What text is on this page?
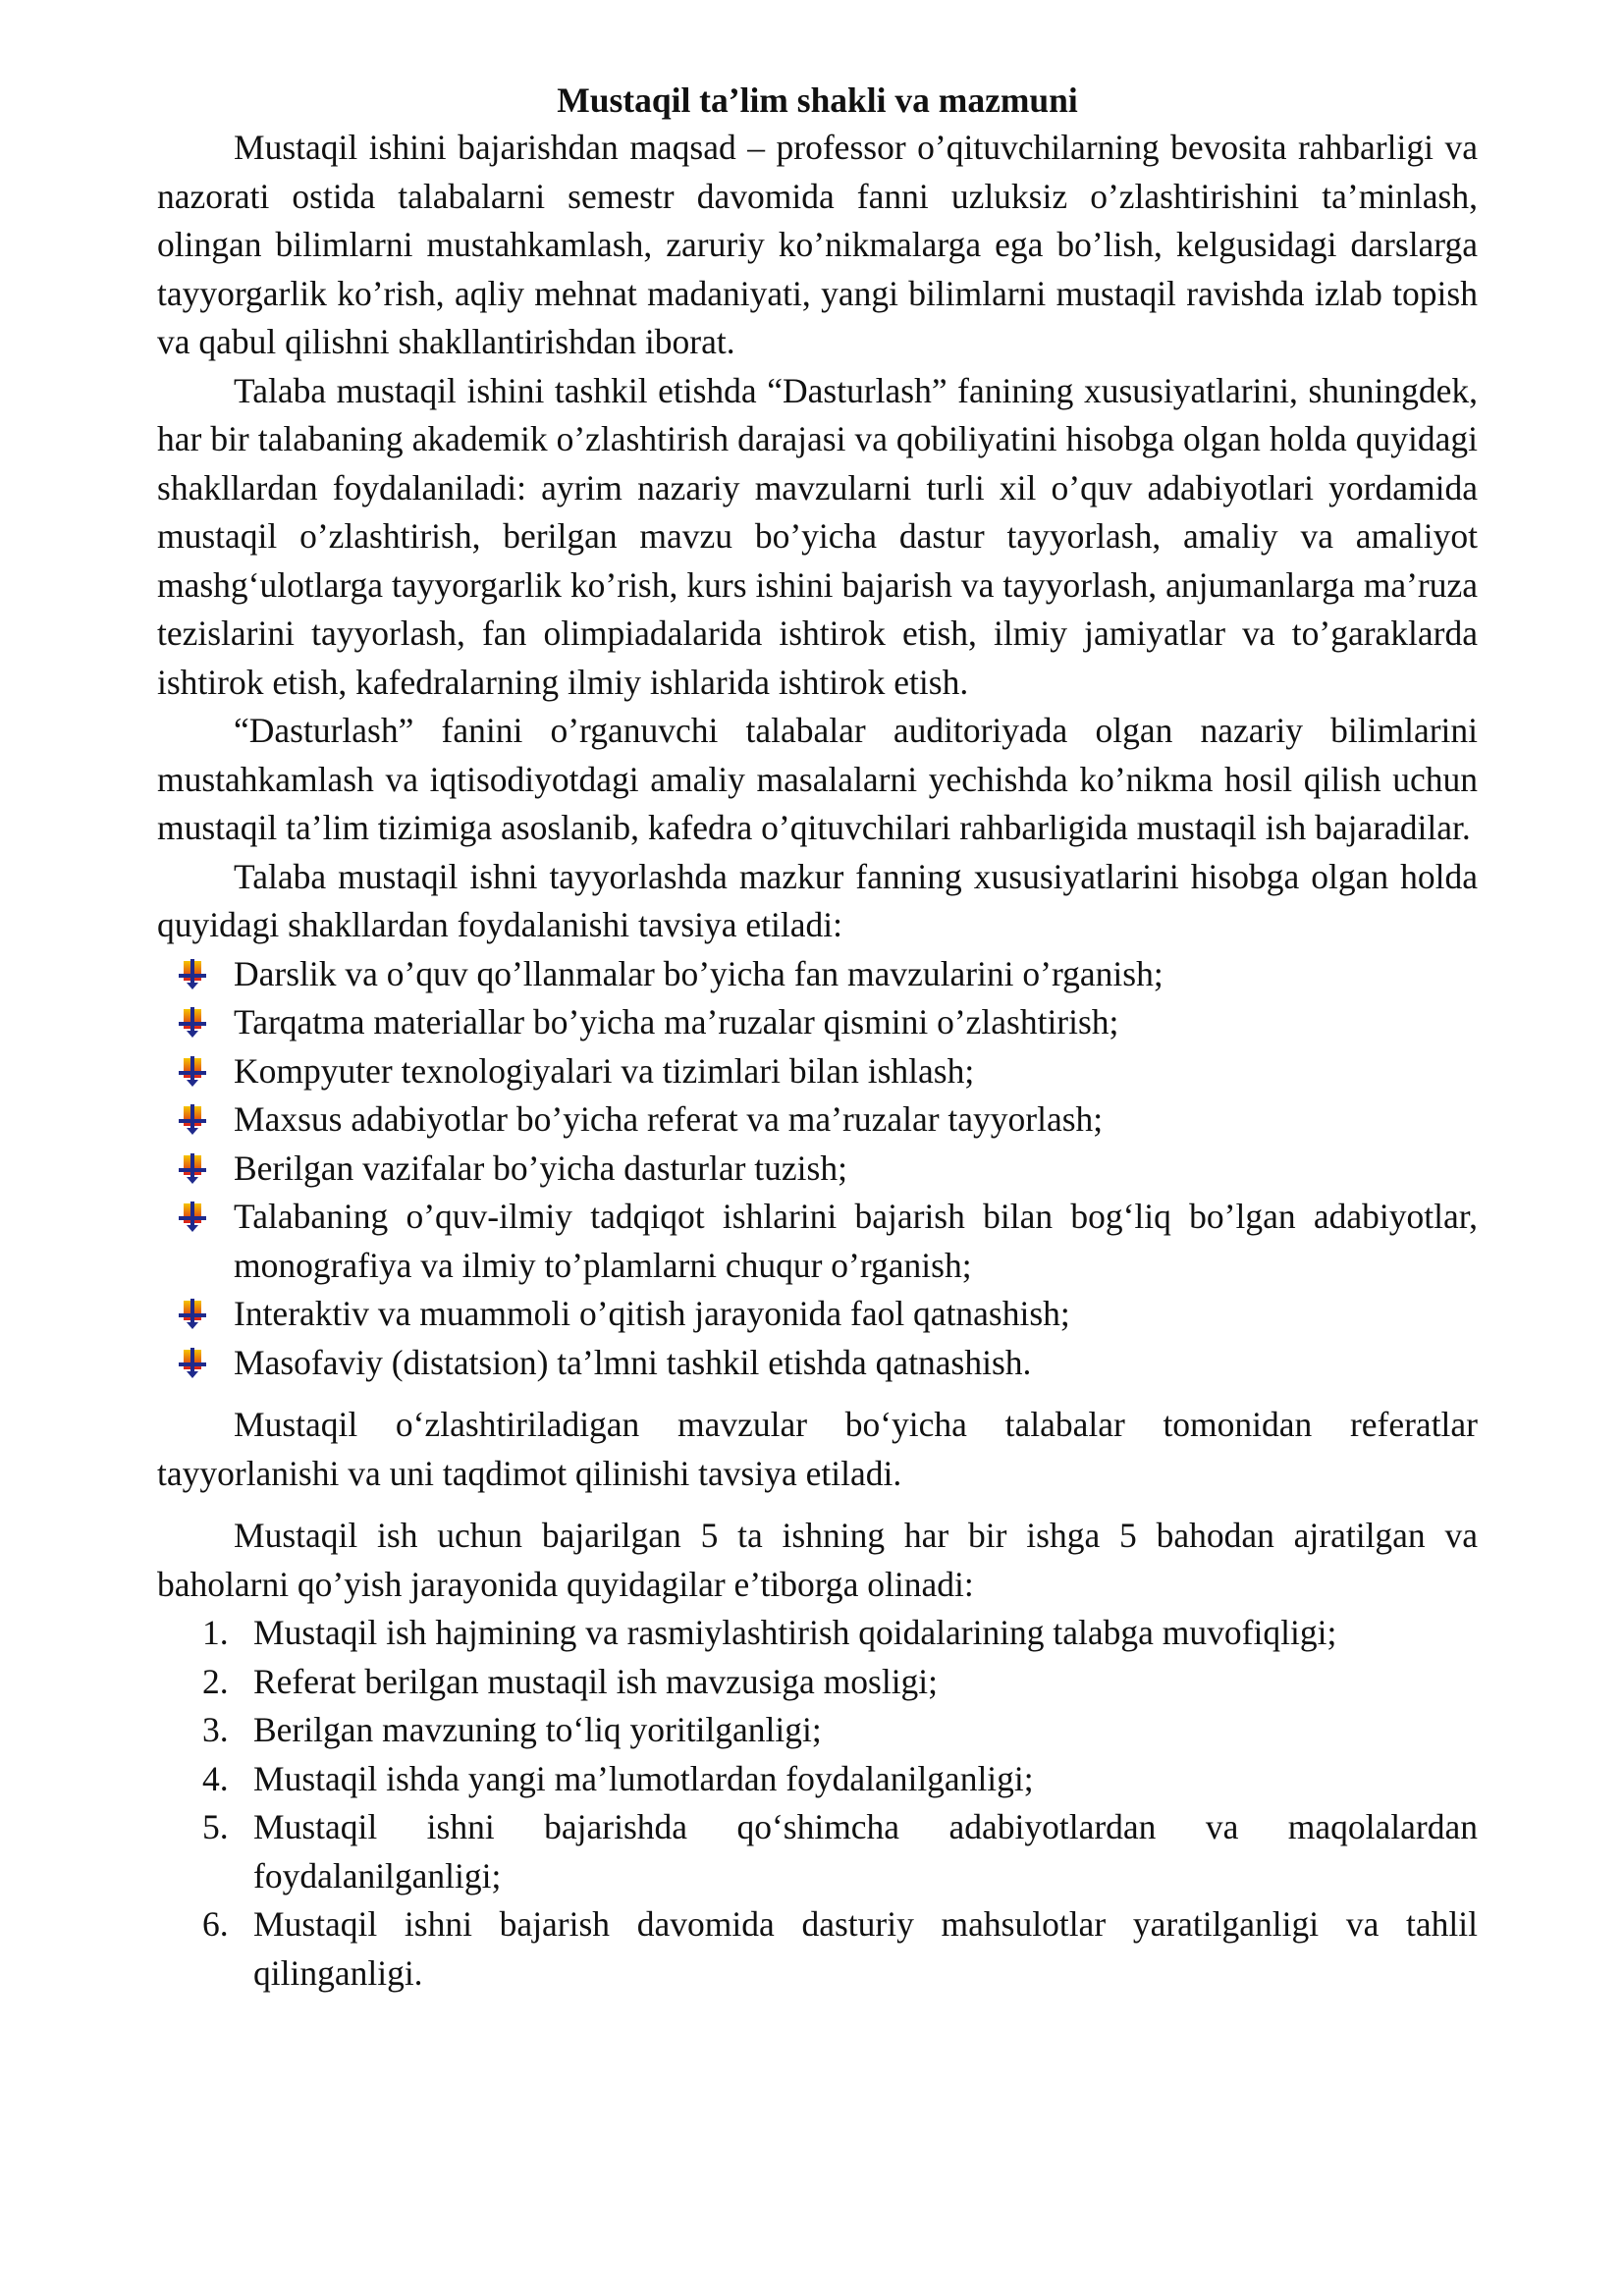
Mustaqil ta’lim shakli va mazmuni

Mustaqil ishini bajarishdan maqsad – professor o’qituvchilarning bevosita rahbarligi va nazorati ostida talabalarni semestr davomida fanni uzluksiz o’zlashtirishini ta’minlash, olingan bilimlarni mustahkamlash, zaruriy ko’nikmalarga ega bo’lish, kelgusidagi darslarga tayyorgarlik ko’rish, aqliy mehnat madaniyati, yangi bilimlarni mustaqil ravishda izlab topish va qabul qilishni shakllantirishdan iborat.

Talaba mustaqil ishini tashkil etishda “Dasturlash” fanining xususiyatlarini, shuningdek, har bir talabaning akademik o’zlashtirish darajasi va qobiliyatini hisobga olgan holda quyidagi shakllardan foydalaniladi: ayrim nazariy mavzularni turli xil o’quv adabiyotlari yordamida mustaqil o’zlashtirish, berilgan mavzu bo’yicha dastur tayyorlash, amaliy va amaliyot mashg‘ulotlarga tayyorgarlik ko’rish, kurs ishini bajarish va tayyorlash, anjumanlarga ma’ruza tezislarini tayyorlash, fan olimpiadalarida ishtirok etish, ilmiy jamiyatlar va to’garaklarda ishtirok etish, kafedralarning ilmiy ishlarida ishtirok etish.

“Dasturlash” fanini o’rganuvchi talabalar auditoriyada olgan nazariy bilimlarini mustahkamlash va iqtisodiyotdagi amaliy masalalarni yechishda ko’nikma hosil qilish uchun mustaqil ta’lim tizimiga asoslanib, kafedra o’qituvchilari rahbarligida mustaqil ish bajaradilar.

Talaba mustaqil ishni tayyorlashda mazkur fanning xususiyatlarini hisobga olgan holda quyidagi shakllardan foydalanishi tavsiya etiladi:

Darslik va o’quv qo’llanmalar bo’yicha fan mavzularini o’rganish;
Tarqatma materiallar bo’yicha ma’ruzalar qismini o’zlashtirish;
Kompyuter texnologiyalari va tizimlari bilan ishlash;
Maxsus adabiyotlar bo’yicha referat va ma’ruzalar tayyorlash;
Berilgan vazifalar bo’yicha dasturlar tuzish;
Talabaning o’quv-ilmiy tadqiqot ishlarini bajarish bilan bog‘liq bo’lgan adabiyotlar, monografiya va ilmiy to’plamlarni chuqur o’rganish;
Interaktiv va muammoli o’qitish jarayonida faol qatnashish;
Masofaviy (distatsion) ta’lmni tashkil etishda qatnashish.

Mustaqil o‘zlashtiriladigan mavzular bo‘yicha talabalar tomonidan referatlar tayyorlanishi va uni taqdimot qilinishi tavsiya etiladi.

Mustaqil ish uchun bajarilgan 5 ta ishning har bir ishga 5 bahodan ajratilgan va baholarni qo’yish jarayonida quyidagilar e’tiborga olinadi:

1. Mustaqil ish hajmining va rasmiylashtirish qoidalarining talabga muvofiqligi;
2. Referat berilgan mustaqil ish mavzusiga mosligi;
3. Berilgan mavzuning to‘liq yoritilganligi;
4. Mustaqil ishda yangi ma’lumotlardan foydalanilganligi;
5. Mustaqil ishni bajarishda qo‘shimcha adabiyotlardan va maqolalardan foydalanilganligi;
6. Mustaqil ishni bajarish davomida dasturiy mahsulotlar yaratilganligi va tahlil qilinganligi.
